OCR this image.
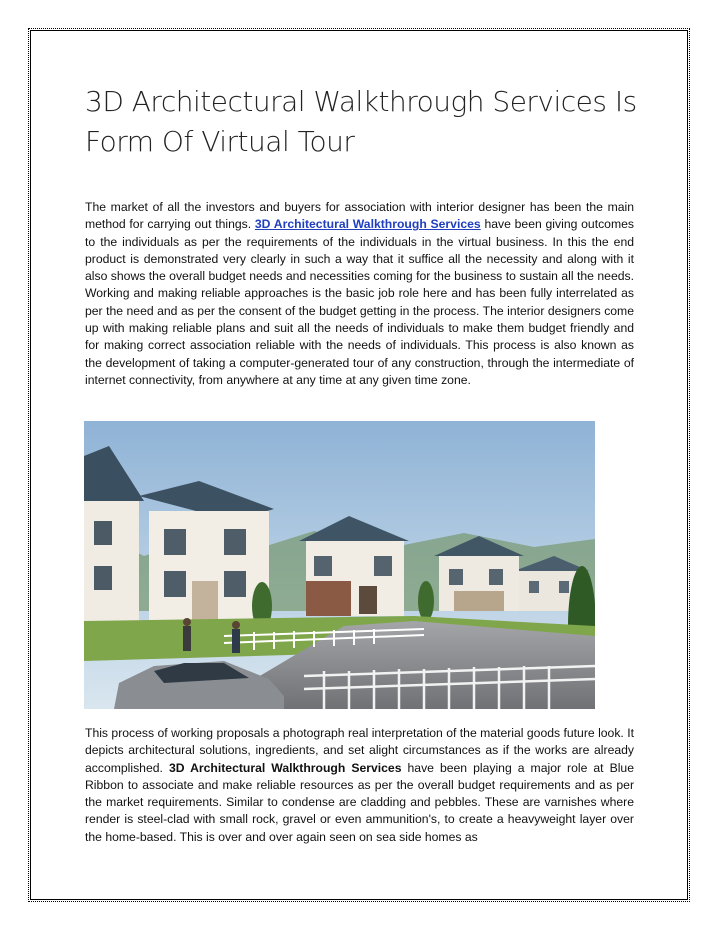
3D Architectural Walkthrough Services Is Form Of Virtual Tour

The market of all the investors and buyers for association with interior designer has been the main method for carrying out things. 3D Architectural Walkthrough Services have been giving outcomes to the individuals as per the requirements of the individuals in the virtual business. In this the end product is demonstrated very clearly in such a way that it suffice all the necessity and along with it also shows the overall budget needs and necessities coming for the business to sustain all the needs. Working and making reliable approaches is the basic job role here and has been fully interrelated as per the need and as per the consent of the budget getting in the process. The interior designers come up with making reliable plans and suit all the needs of individuals to make them budget friendly and for making correct association reliable with the needs of individuals. This process is also known as the development of taking a computer-generated tour of any construction, through the intermediate of internet connectivity, from anywhere at any time at any given time zone.

This process of working proposals a photograph real interpretation of the material goods future look. It depicts architectural solutions, ingredients, and set alight circumstances as if the works are already accomplished. 3D Architectural Walkthrough Services have been playing a major role at Blue Ribbon to associate and make reliable resources as per the overall budget requirements and as per the market requirements. Similar to condense are cladding and pebbles. These are varnishes where render is steel-clad with small rock, gravel or even ammunition's, to create a heavyweight layer over the home-based. This is over and over again seen on sea side homes as
